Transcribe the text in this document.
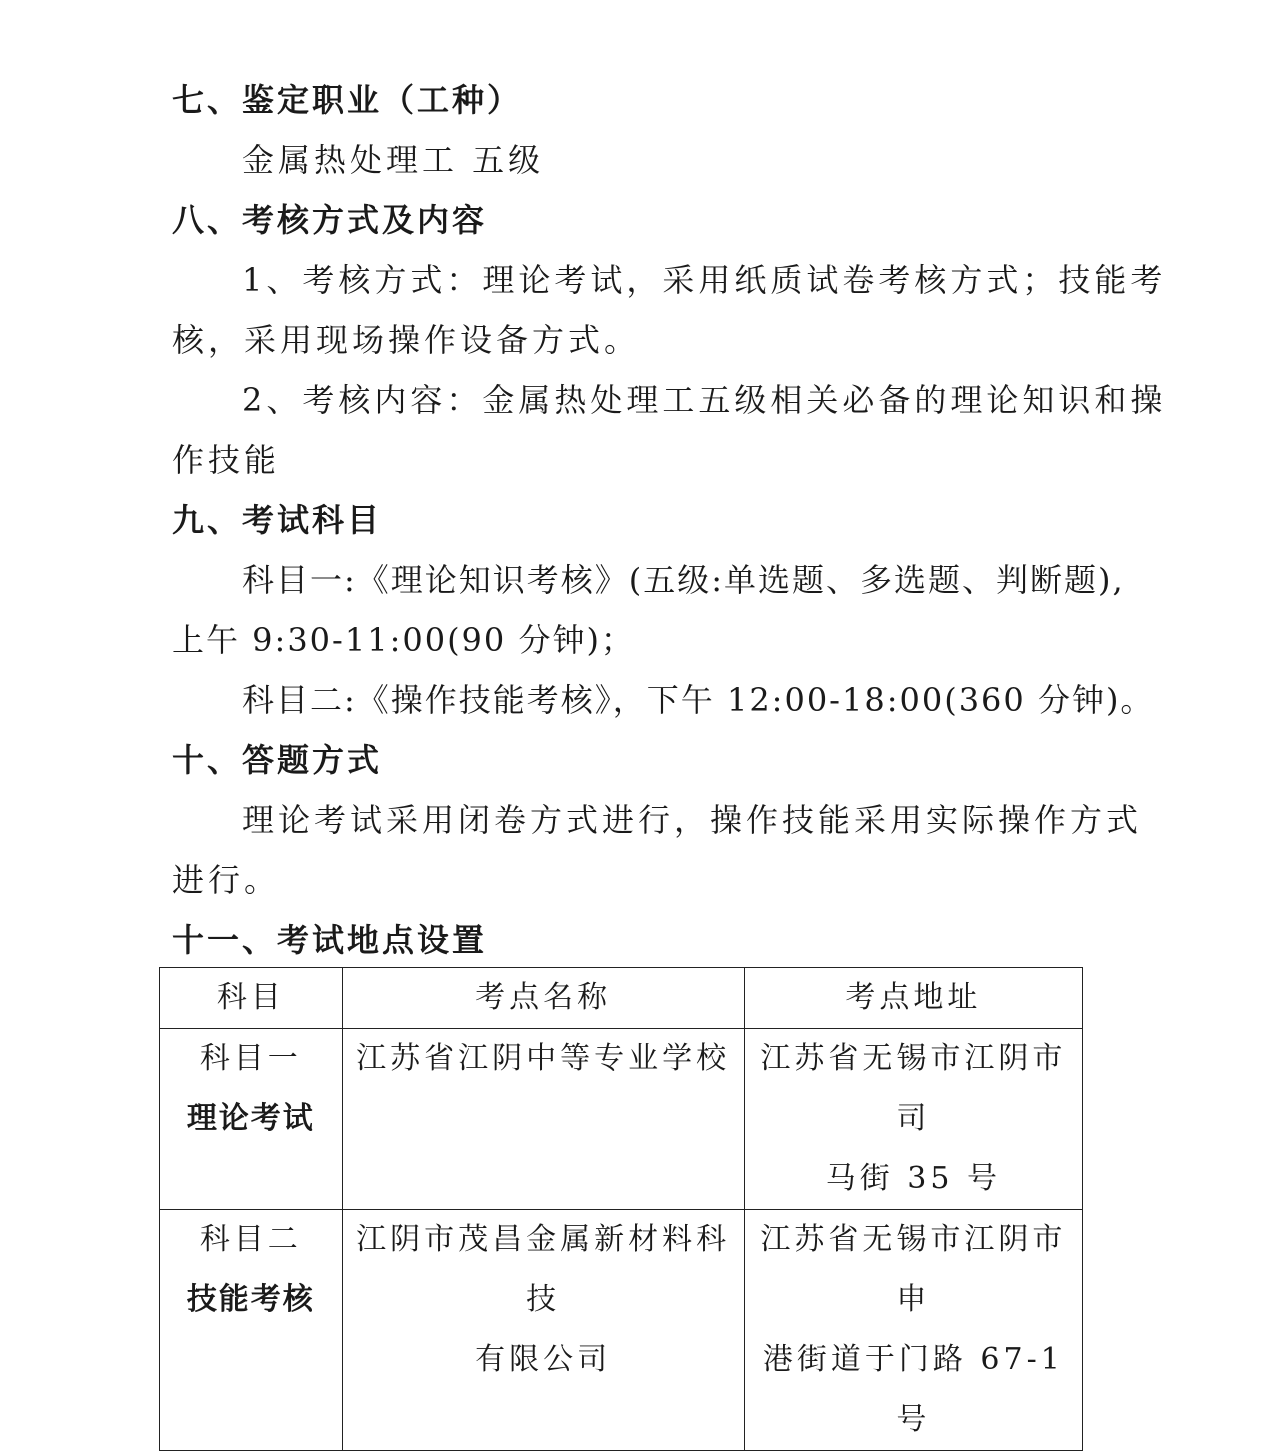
七、鉴定职业（工种）
金属热处理工 五级
八、考核方式及内容
1、考核方式：理论考试，采用纸质试卷考核方式；技能考
核，采用现场操作设备方式。
2、考核内容：金属热处理工五级相关必备的理论知识和操
作技能
九、考试科目
科目一:《理论知识考核》(五级:单选题、多选题、判断题),
上午 9:30-11:00(90 分钟)；
科目二:《操作技能考核》，下午 12:00-18:00(360 分钟)。
十、答题方式
理论考试采用闭卷方式进行，操作技能采用实际操作方式
进行。
十一、考试地点设置
科目	考点名称	考点地址

科目一
理论考试	江苏省江阴中等专业学校	江苏省无锡市江阴市司
马街 35 号

科目二
技能考核	江阴市茂昌金属新材料科技
有限公司	江苏省无锡市江阴市申
港街道于门路 67-1 号
